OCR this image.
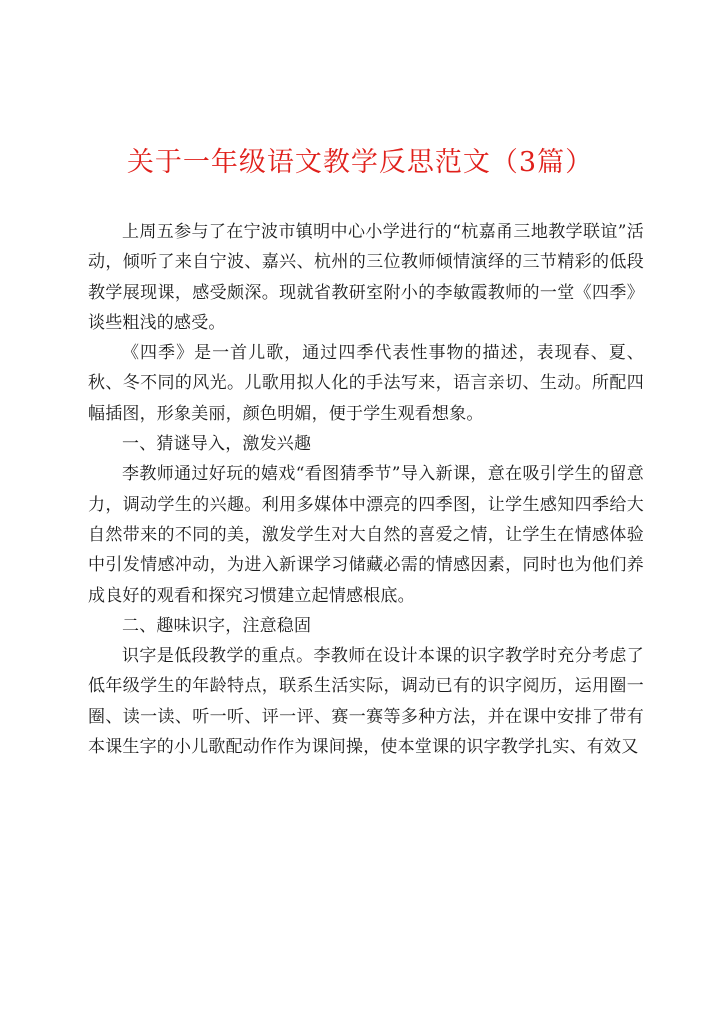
关于一年级语文教学反思范文（3篇）

上周五参与了在宁波市镇明中心小学进行的“杭嘉甬三地教学联谊”活动，倾听了来自宁波、嘉兴、杭州的三位教师倾情演绎的三节精彩的低段教学展现课，感受颇深。现就省教研室附小的李敏霞教师的一堂《四季》谈些粗浅的感受。

《四季》是一首儿歌，通过四季代表性事物的描述，表现春、夏、秋、冬不同的风光。儿歌用拟人化的手法写来，语言亲切、生动。所配四幅插图，形象美丽，颜色明媚，便于学生观看想象。

一、猜谜导入，激发兴趣

李教师通过好玩的嬉戏“看图猜季节”导入新课，意在吸引学生的留意力，调动学生的兴趣。利用多媒体中漂亮的四季图，让学生感知四季给大自然带来的不同的美，激发学生对大自然的喜爱之情，让学生在情感体验中引发情感冲动，为进入新课学习储藏必需的情感因素，同时也为他们养成良好的观看和探究习惯建立起情感根底。

二、趣味识字，注意稳固

识字是低段教学的重点。李教师在设计本课的识字教学时充分考虑了低年级学生的年龄特点，联系生活实际，调动已有的识字阅历，运用圈一圈、读一读、听一听、评一评、赛一赛等多种方法，并在课中安排了带有本课生字的小儿歌配动作作为课间操，使本堂课的识字教学扎实、有效又
